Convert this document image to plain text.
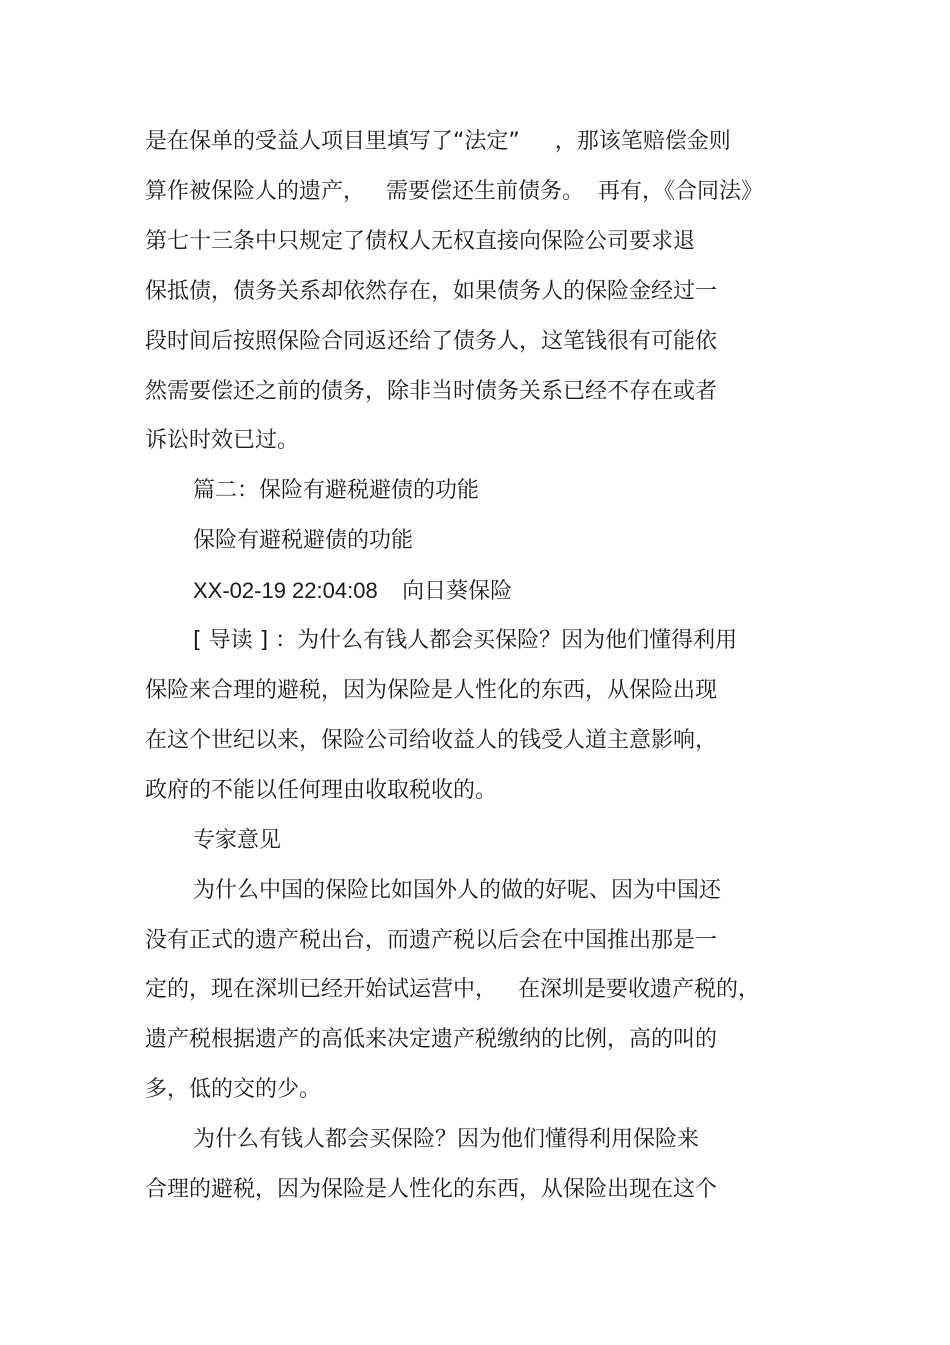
是在保单的受益人项目里填写了“法定”     ，那该笔赔偿金则
算作被保险人的遗产，   需要偿还生前债务。  再有，《合同法》
第七十三条中只规定了债权人无权直接向保险公司要求退
保抵债，债务关系却依然存在，如果债务人的保险金经过一
段时间后按照保险合同返还给了债务人，这笔钱很有可能依
然需要偿还之前的债务，除非当时债务关系已经不存在或者
诉讼时效已过。
篇二：保险有避税避债的功能
保险有避税避债的功能
XX-02-19 22:04:08    向日葵保险
[ 导读 ] ：为什么有钱人都会买保险？因为他们懂得利用
保险来合理的避税，因为保险是人性化的东西，从保险出现
在这个世纪以来，保险公司给收益人的钱受人道主意影响，
政府的不能以任何理由收取税收的。
专家意见
为什么中国的保险比如国外人的做的好呢、因为中国还
没有正式的遗产税出台，而遗产税以后会在中国推出那是一
定的，现在深圳已经开始试运营中，   在深圳是要收遗产税的，
遗产税根据遗产的高低来决定遗产税缴纳的比例，高的叫的
多，低的交的少。
为什么有钱人都会买保险？因为他们懂得利用保险来
合理的避税，因为保险是人性化的东西，从保险出现在这个
